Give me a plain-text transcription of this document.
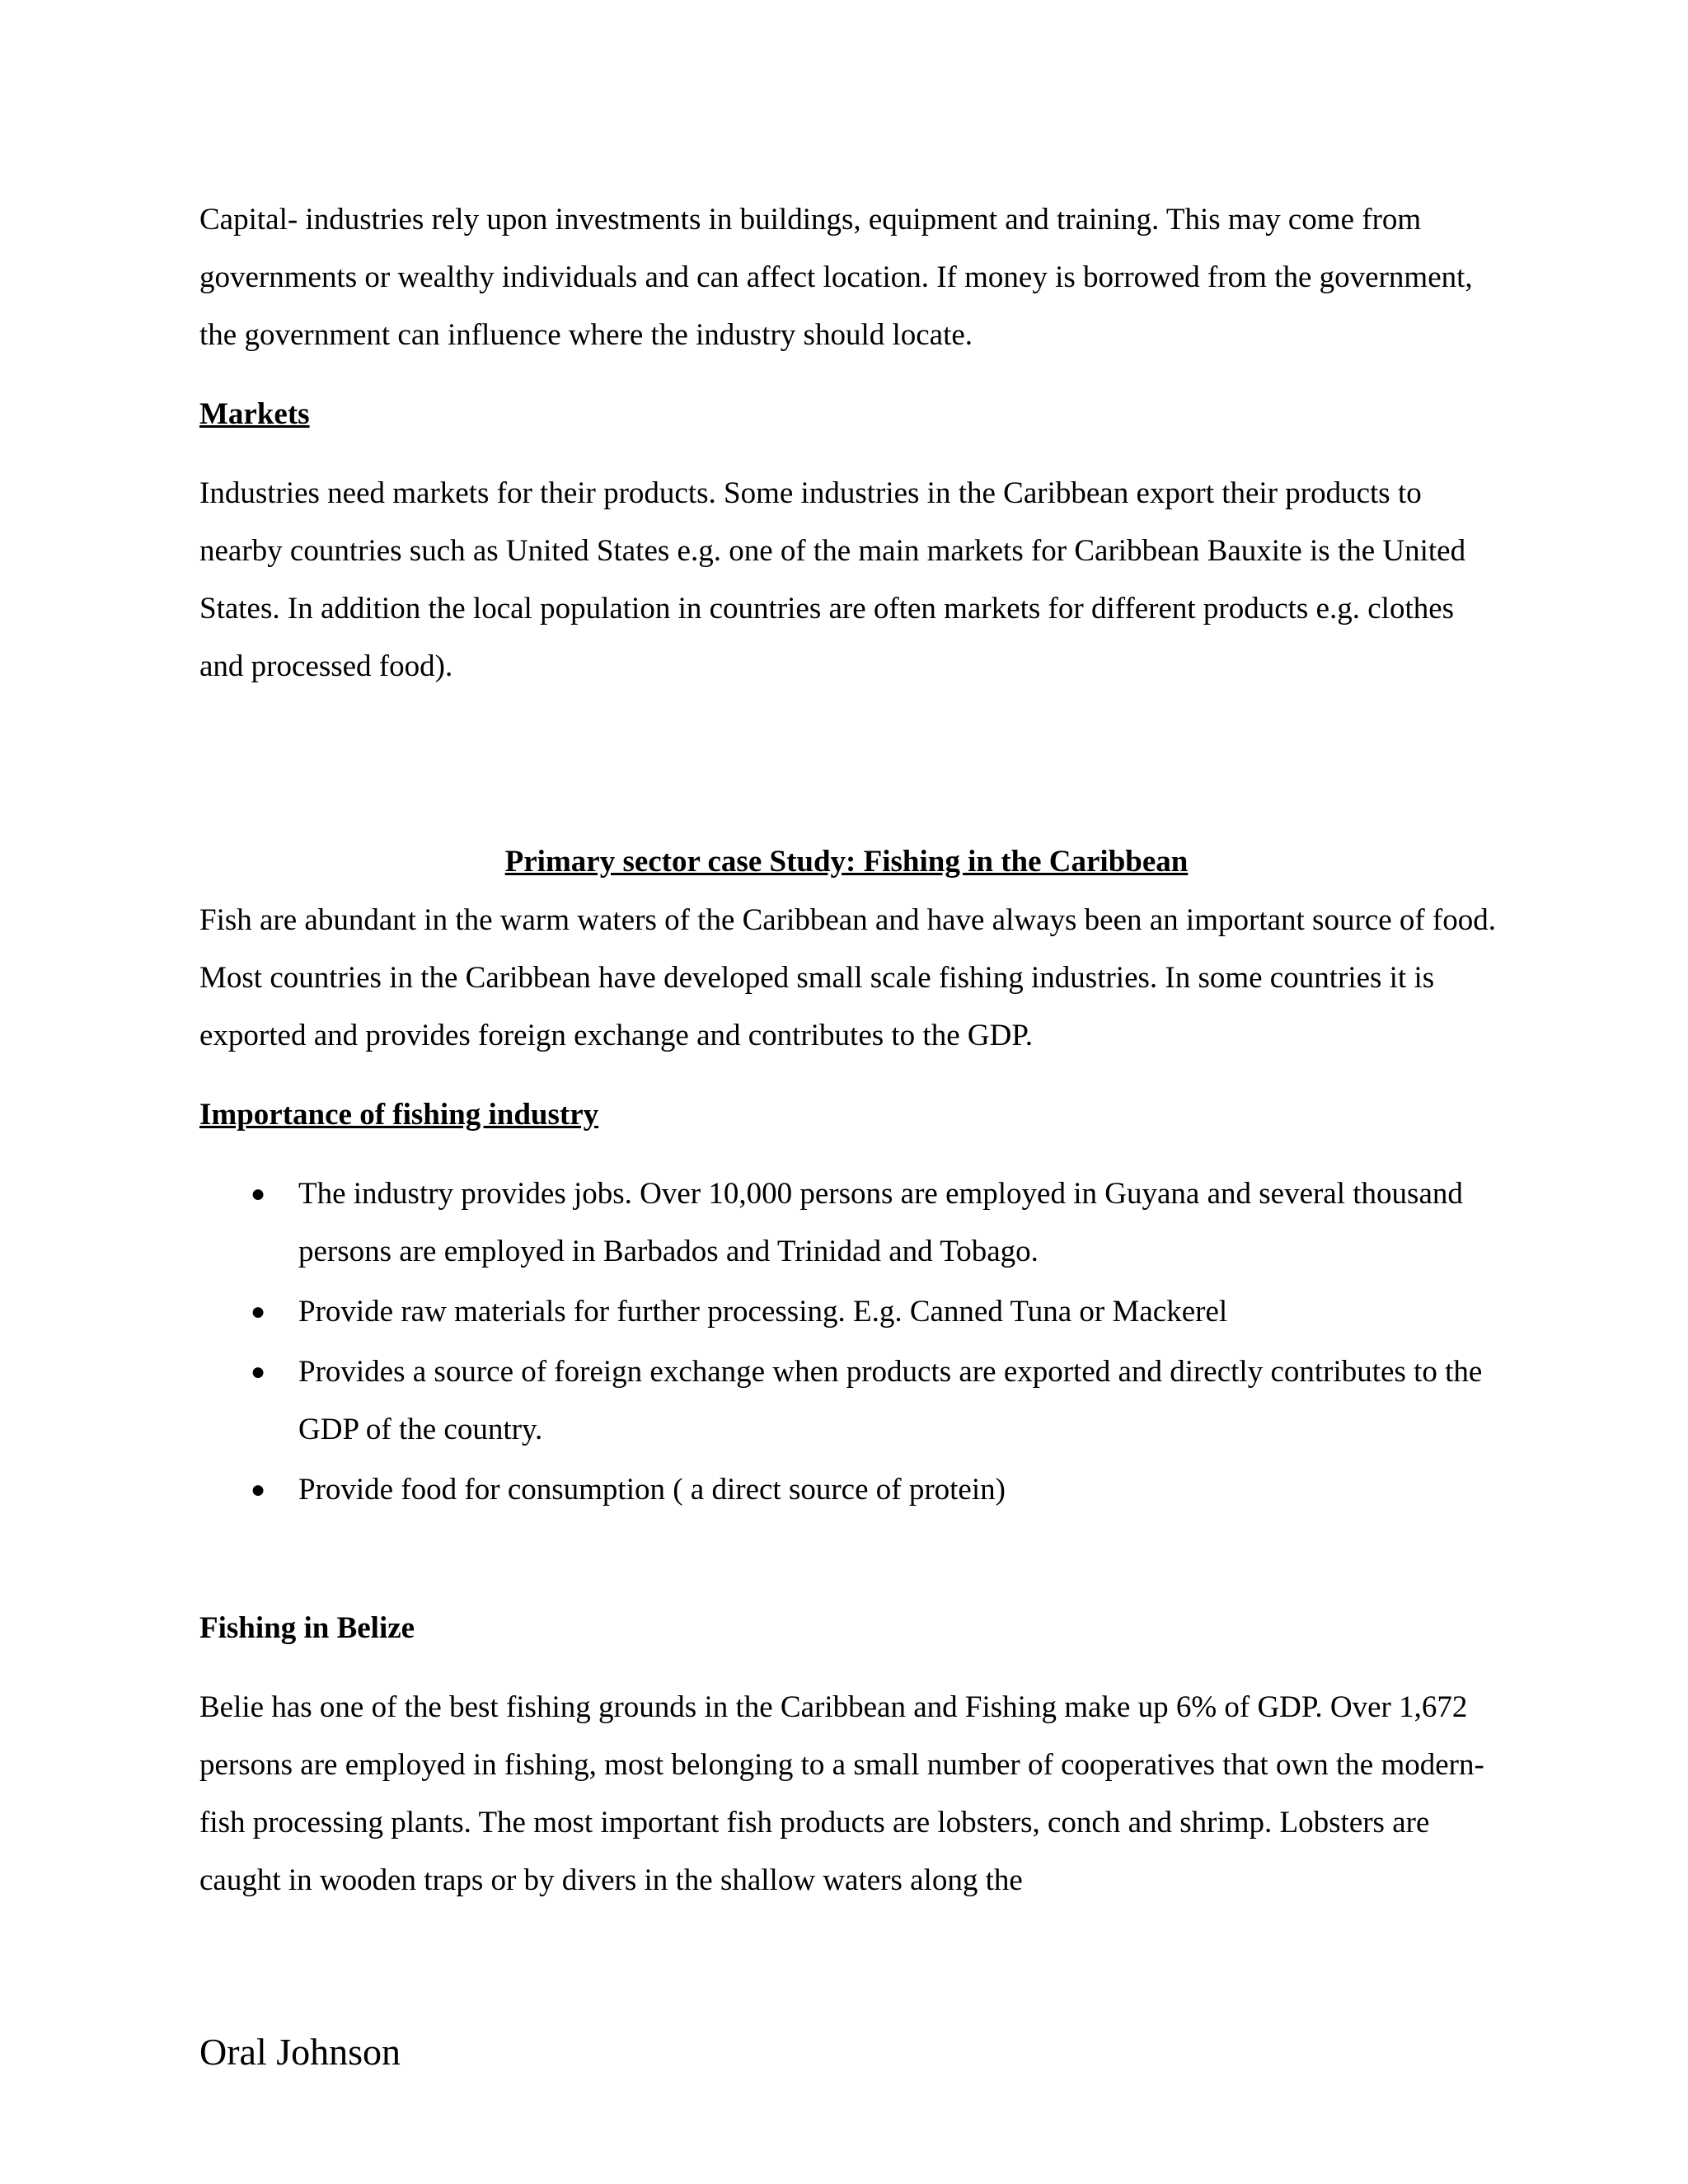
Capital- industries rely upon investments in buildings, equipment and training. This may come from governments or wealthy individuals and can affect location. If money is borrowed from the government, the government can influence where the industry should locate.

Markets

Industries need markets for their products. Some industries in the Caribbean export their products to nearby countries such as United States e.g. one of the main markets for Caribbean Bauxite is the United States. In addition the local population in countries are often markets for different products e.g. clothes and processed food).

Primary sector case Study: Fishing in the Caribbean

Fish are abundant in the warm waters of the Caribbean and have always been an important source of food. Most countries in the Caribbean have developed small scale fishing industries. In some countries it is exported and provides foreign exchange and contributes to the GDP.

Importance of fishing industry
● The industry provides jobs. Over 10,000 persons are employed in Guyana and several thousand persons are employed in Barbados and Trinidad and Tobago.
● Provide raw materials for further processing. E.g. Canned Tuna or Mackerel
● Provides a source of foreign exchange when products are exported and directly contributes to the GDP of the country.
● Provide food for consumption ( a direct source of protein)
Fishing in Belize

Belie has one of the best fishing grounds in the Caribbean and Fishing make up 6% of GDP. Over 1,672 persons are employed in fishing, most belonging to a small number of cooperatives that own the modern-fish processing plants. The most important fish products are lobsters, conch and shrimp. Lobsters are caught in wooden traps or by divers in the shallow waters along the

Oral Johnson
